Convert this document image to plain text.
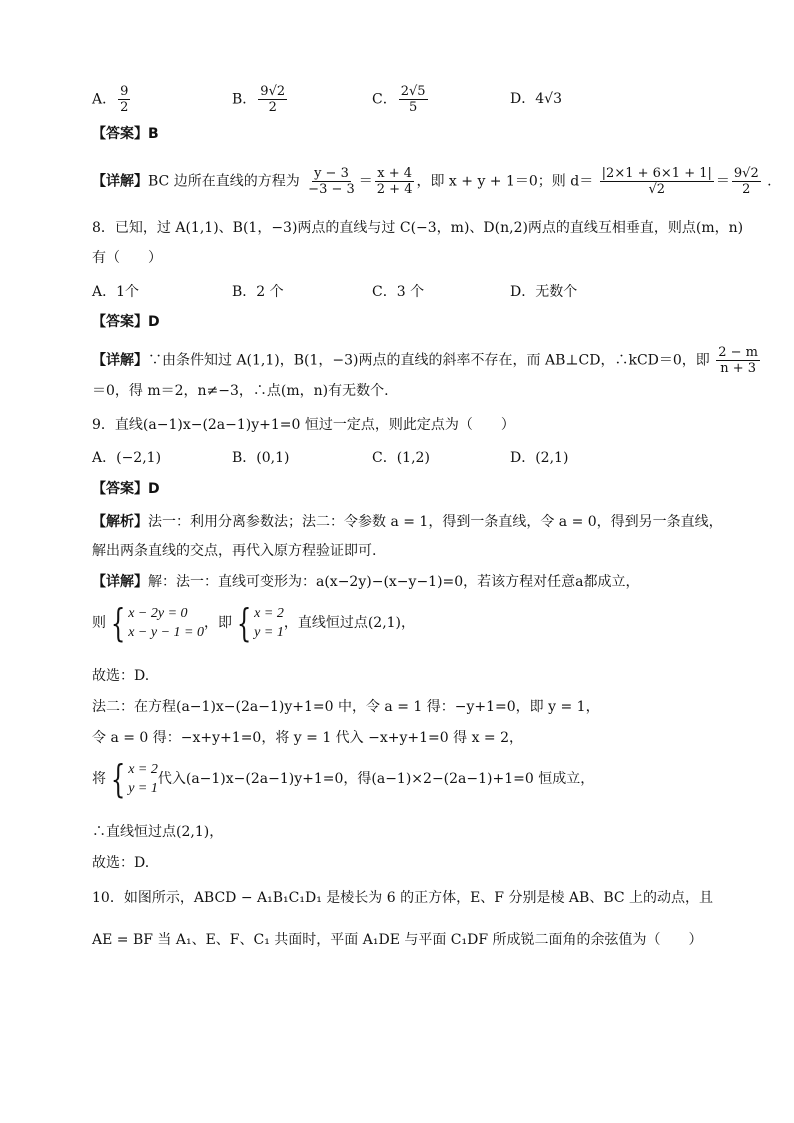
A． $\frac{9}{2}$	B． $\frac{9√2}{2}$	C． $\frac{2√5}{5}$	D．4√3
【答案】B
【详解】BC 边所在直线的方程为 $\frac{y - 3}{-3 - 3} = \frac{x + 4}{2 + 4}$ ，即 x + y + 1＝0；则 $d= \frac{|2\times 1 + 6\times 1 + 1|}{√2} = \frac{9√2}{2}$ .
8．已知，过 A(1,1)、B(1，−3)两点的直线与过 C(−3，m)、D(n,2)两点的直线互相垂直，则点(m，n)
有（　　）
A．1个	B．2 个	C．3 个	D．无数个
【答案】D
【详解】∵由条件知过 A(1,1)，B(1，−3)两点的直线的斜率不存在，而 AB⊥CD，∴kCD＝0，即 $\frac{2 - m}{n + 3}$
＝0，得 m＝2，n≠−3，∴点(m，n)有无数个.
9．直线(a−1)x−(2a−1)y+1=0 恒过一定点，则此定点为（　　）
A．(−2,1)	B．(0,1)	C．(1,2)	D．(2,1)
【答案】D
【解析】法一：利用分离参数法；法二：令参数 a = 1，得到一条直线，令 a = 0，得到另一条直线，
解出两条直线的交点，再代入原方程验证即可.
【详解】解：法一：直线可变形为：a(x−2y)−(x−y−1)=0，若该方程对任意a都成立，
则 { x − 2y = 0
x − y − 1 = 0
，即 { x = 2
y = 1
，直线恒过点(2,1)，
故选：D.
法二：在方程(a−1)x−(2a−1)y+1=0 中，令 a = 1 得：−y+1=0，即 y = 1，
令 a = 0 得：−x+y+1=0，将 y = 1 代入 −x+y+1=0 得 x = 2，
将 { x = 2
y = 1
代入(a−1)x−(2a−1)y+1=0，得(a−1)×2−(2a−1)+1=0 恒成立，
∴直线恒过点(2,1)，
故选：D.
10．如图所示，ABCD − A₁B₁C₁D₁ 是棱长为 6 的正方体，E、F 分别是棱 AB、BC 上的动点，且
AE = BF 当 A₁、E、F、C₁ 共面时，平面 A₁DE 与平面 C₁DF 所成锐二面角的余弦值为（　　）
